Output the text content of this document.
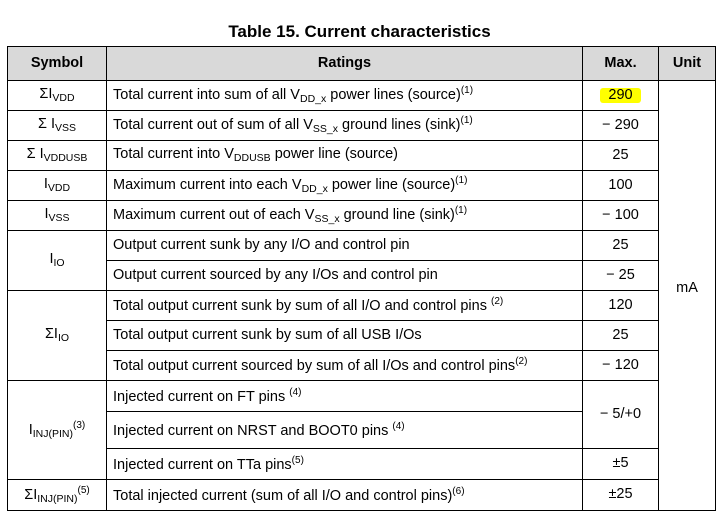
Table 15. Current characteristics
Symbol	Ratings	Max.	Unit
$\Sigma I_{VDD}$	Total current into sum of all $V_{DD\_x}$ power lines (source)$^{(1)}$	290	mA

Σ $I_{VSS}$	Total current out of sum of all $V_{SS\_x}$ ground lines $(\sin k)^{(1)}$	− 290	
Σ $I_{VDDUSB}$	Total current into $V_{DDUSB}$ power line (source)	25	
$I_{VDD}$	Maximum current into each $V_{DD\_x}$ power line (source)$^{(1)}$	100	
$I_{VSS}$	Maximum current out of each $V_{SS\_x}$ ground line $(\sin k)^{(1)}$	− 100	
$I_{IO}$	Output current sunk by any I/O and control pin	25	
	Output current sourced by any I/Os and control pin	− 25	
$\Sigma I_{IO}$	Total output current sunk by sum of all I/O and control pins $^{(2)}$	120	
	Total output current sunk by sum of all USB I/Os	25	
	Total output current sourced by sum of all I/Os and control pins$^{(2)}$	− 120	
$I_{INJ(PIN)}^{(3)}$	Injected current on FT pins $^{(4)}$	− 5/+0	
	Injected current on NRST and BOOT0 pins $^{(4)}$
	Injected current on TTa pins$^{(5)}$	±5	
$\Sigma I_{INJ(PIN)}^{(5)}$	Total injected current (sum of all I/O and control pins)$^{(6)}$	±25	
